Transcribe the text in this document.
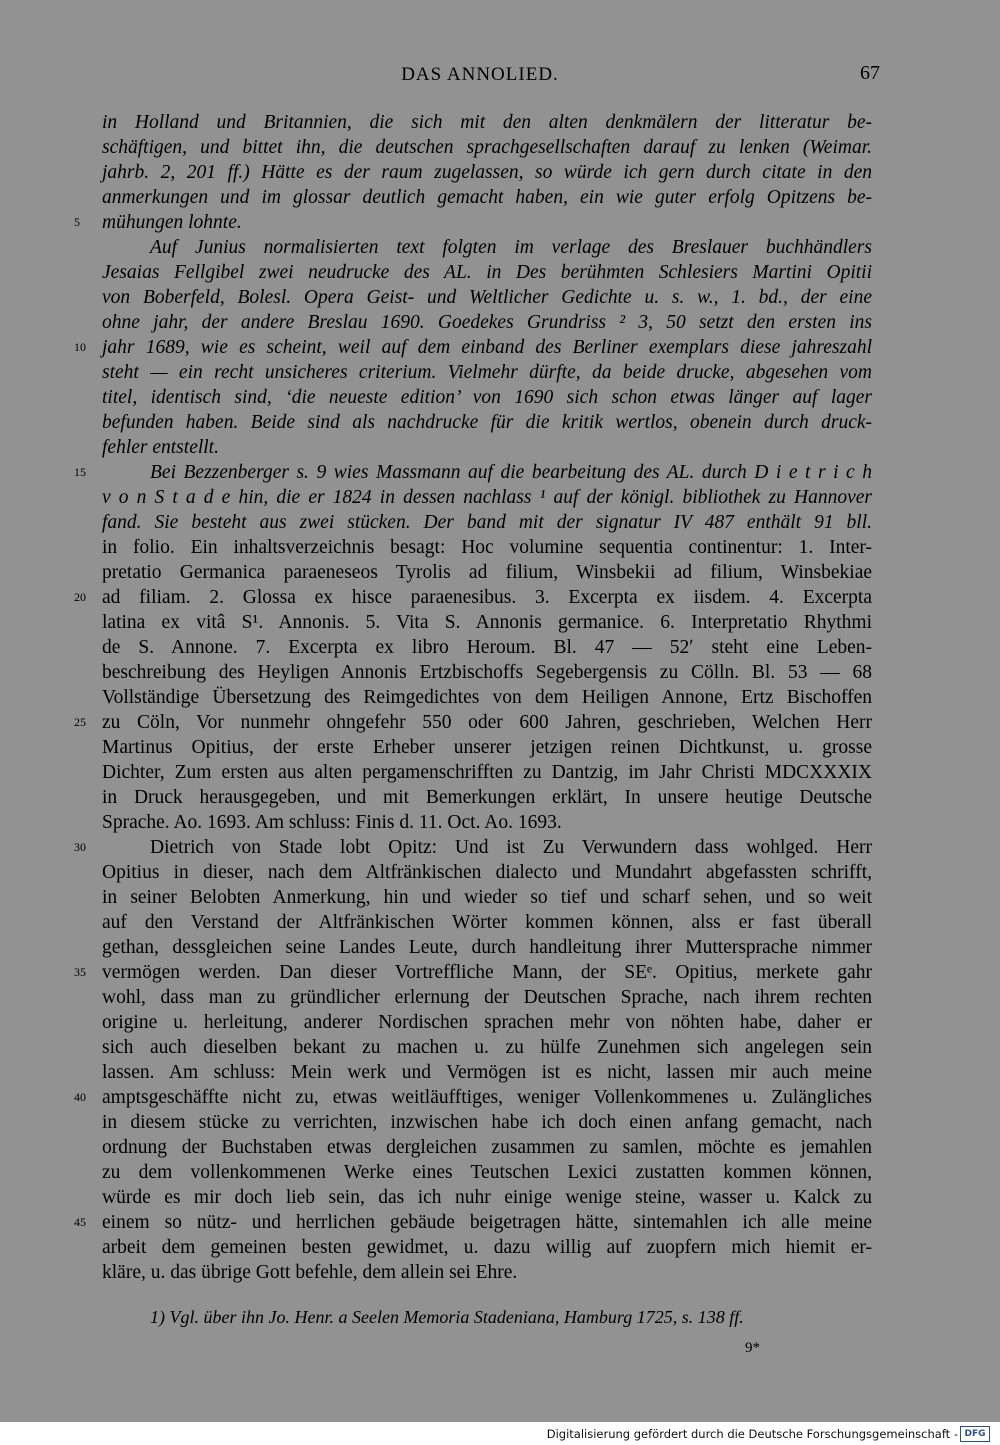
DAS ANNOLIED.	67
in Holland und Britannien, die sich mit den alten denkmälern der litteratur be-
schäftigen, und bittet ihn, die deutschen sprachgesellschaften darauf zu lenken (Weimar.
jahrb. 2, 201 ff.) Hätte es der raum zugelassen, so würde ich gern durch citate in den
anmerkungen und im glossar deutlich gemacht haben, ein wie guter erfolg Opitzens be-
mühungen lohnte.
Auf Junius normalisierten text folgten im verlage des Breslauer buchhändlers
Jesaias Fellgibel zwei neudrucke des AL. in Des berühmten Schlesiers Martini Opitii
von Boberfeld, Bolesl. Opera Geist- und Weltlicher Gedichte u. s. w., 1. bd., der eine
ohne jahr, der andere Breslau 1690. Goedekes Grundriss ² 3, 50 setzt den ersten ins
jahr 1689, wie es scheint, weil auf dem einband des Berliner exemplars diese jahreszahl
steht — ein recht unsicheres criterium. Vielmehr dürfte, da beide drucke, abgesehen vom
titel, identisch sind, ‘die neueste edition’ von 1690 sich schon etwas länger auf lager
befunden haben. Beide sind als nachdrucke für die kritik wertlos, obenein durch druck-
fehler entstellt.
Bei Bezzenberger s. 9 wies Massmann auf die bearbeitung des AL. durch D i e t r i c h
v o n S t a d e hin, die er 1824 in dessen nachlass ¹ auf der königl. bibliothek zu Hannover
fand. Sie besteht aus zwei stücken. Der band mit der signatur IV 487 enthält 91 bll.
in folio. Ein inhaltsverzeichnis besagt: Hoc volumine sequentia continentur: 1. Inter-
pretatio Germanica paraeneseos Tyrolis ad filium, Winsbekii ad filium, Winsbekiae
ad filiam. 2. Glossa ex hisce paraenesibus. 3. Excerpta ex iisdem. 4. Excerpta
latina ex vitâ S¹. Annonis. 5. Vita S. Annonis germanice. 6. Interpretatio Rhythmi
de S. Annone. 7. Excerpta ex libro Heroum. Bl. 47 — 52ʹ steht eine Leben-
beschreibung des Heyligen Annonis Ertzbischoffs Segebergensis zu Cölln. Bl. 53 — 68
Vollständige Übersetzung des Reimgedichtes von dem Heiligen Annone, Ertz Bischoffen
zu Cöln, Vor nunmehr ohngefehr 550 oder 600 Jahren, geschrieben, Welchen Herr
Martinus Opitius, der erste Erheber unserer jetzigen reinen Dichtkunst, u. grosse
Dichter, Zum ersten aus alten pergamenschrifften zu Dantzig, im Jahr Christi MDCXXXIX
in Druck herausgegeben, und mit Bemerkungen erklärt, In unsere heutige Deutsche
Sprache. Ao. 1693. Am schluss: Finis d. 11. Oct. Ao. 1693.
Dietrich von Stade lobt Opitz: Und ist Zu Verwundern dass wohlged. Herr
Opitius in dieser, nach dem Altfränkischen dialecto und Mundahrt abgefassten schrifft,
in seiner Belobten Anmerkung, hin und wieder so tief und scharf sehen, und so weit
auf den Verstand der Altfränkischen Wörter kommen können, alss er fast überall
gethan, dessgleichen seine Landes Leute, durch handleitung ihrer Muttersprache nimmer
vermögen werden. Dan dieser Vortreffliche Mann, der SEᵉ. Opitius, merkete gahr
wohl, dass man zu gründlicher erlernung der Deutschen Sprache, nach ihrem rechten
origine u. herleitung, anderer Nordischen sprachen mehr von nöhten habe, daher er
sich auch dieselben bekant zu machen u. zu hülfe Zunehmen sich angelegen sein
lassen. Am schluss: Mein werk und Vermögen ist es nicht, lassen mir auch meine
amptsgeschäffte nicht zu, etwas weitläufftiges, weniger Vollenkommenes u. Zulängliches
in diesem stücke zu verrichten, inzwischen habe ich doch einen anfang gemacht, nach
ordnung der Buchstaben etwas dergleichen zusammen zu samlen, möchte es jemahlen
zu dem vollenkommenen Werke eines Teutschen Lexici zustatten kommen können,
würde es mir doch lieb sein, das ich nuhr einige wenige steine, wasser u. Kalck zu
einem so nütz- und herrlichen gebäude beigetragen hätte, sintemahlen ich alle meine
arbeit dem gemeinen besten gewidmet, u. dazu willig auf zuopfern mich hiemit er-
kläre, u. das übrige Gott befehle, dem allein sei Ehre.
5
10
15
20
25
30
35
40
45
1) Vgl. über ihn Jo. Henr. a Seelen Memoria Stadeniana, Hamburg 1725, s. 138 ff.
9*
Digitalisierung gefördert durch die Deutsche Forschungsgemeinschaft - DFG
